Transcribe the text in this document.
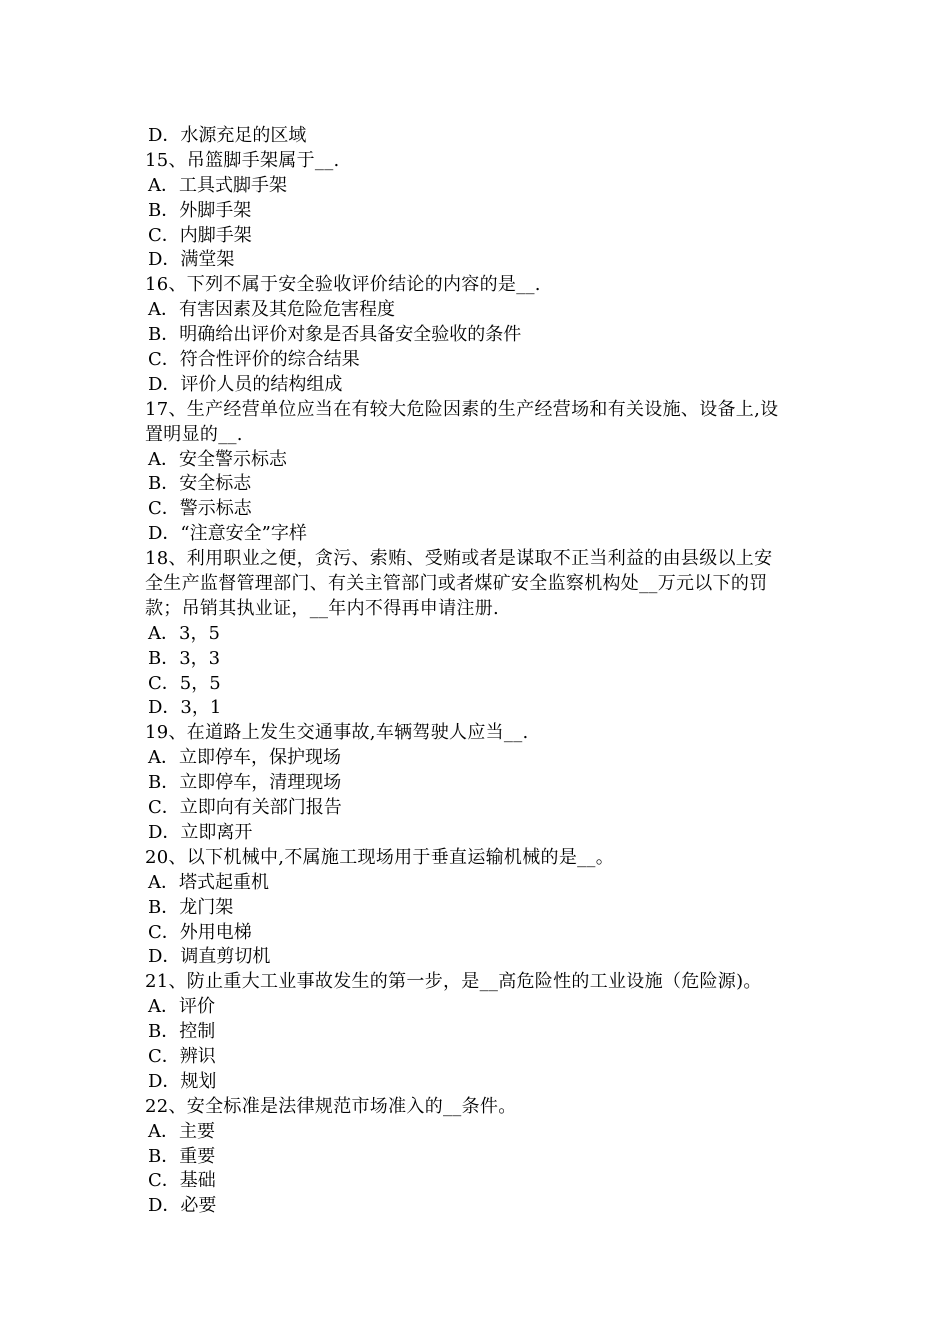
D．水源充足的区域
15、吊篮脚手架属于__.
A．工具式脚手架
B．外脚手架
C．内脚手架
D．满堂架
16、下列不属于安全验收评价结论的内容的是__.
A．有害因素及其危险危害程度
B．明确给出评价对象是否具备安全验收的条件
C．符合性评价的综合结果
D．评价人员的结构组成
17、生产经营单位应当在有较大危险因素的生产经营场和有关设施、设备上,设
置明显的__.
A．安全警示标志
B．安全标志
C．警示标志
D．“注意安全”字样
18、利用职业之便，贪污、索贿、受贿或者是谋取不正当利益的由县级以上安
全生产监督管理部门、有关主管部门或者煤矿安全监察机构处__万元以下的罚
款；吊销其执业证，__年内不得再申请注册.
A．3，5
B．3，3
C．5，5
D．3，1
19、在道路上发生交通事故,车辆驾驶人应当__.
A．立即停车，保护现场
B．立即停车，清理现场
C．立即向有关部门报告
D．立即离开
20、以下机械中,不属施工现场用于垂直运输机械的是__。
A．塔式起重机
B．龙门架
C．外用电梯
D．调直剪切机
21、防止重大工业事故发生的第一步，是__高危险性的工业设施（危险源)。
A．评价
B．控制
C．辨识
D．规划
22、安全标准是法律规范市场准入的__条件。
A．主要
B．重要
C．基础
D．必要
